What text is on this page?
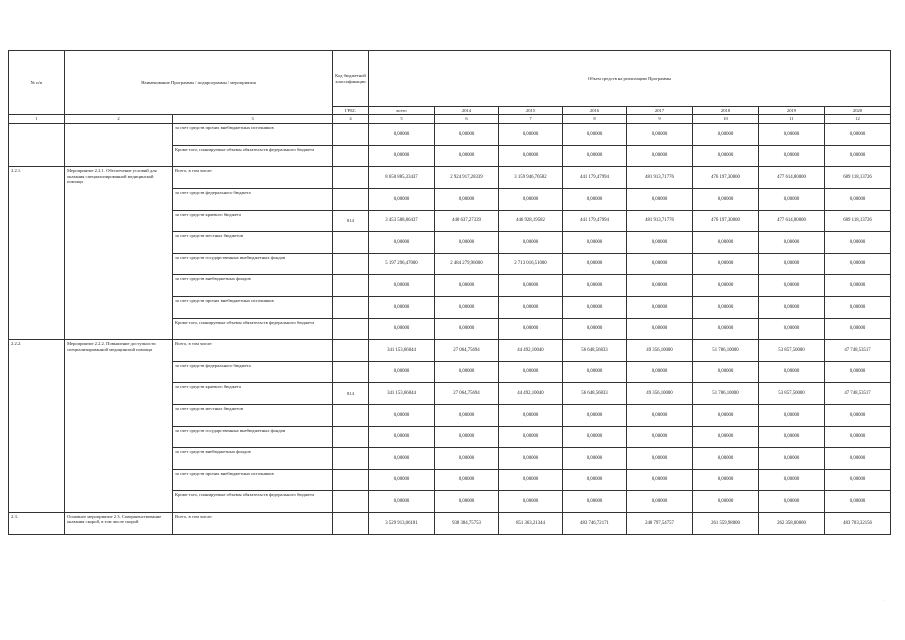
№ п/п	Наименование Программы / подпрограммы / мероприятия		Код бюджетной классификации	Объем средств на реализацию Программы							
			ГРБС	всего	2014	2015	2016	2017	2018	2019	2020
1	2	3	4	5	6	7	8	9	10	11	12
		за счет средств прочих внебюджетных источников		0,00000	0,00000	0,00000	0,00000	0,00000	0,00000	0,00000	0,00000
		Кроме того, планируемые объемы обязательств федерального бюджета		0,00000	0,00000	0,00000	0,00000	0,00000	0,00000	0,00000	0,00000
2.2.1.	Мероприятие 2.2.1. Обеспечение условий для оказания специализированной медицинской помощи	Всего, в том числе:		8 650 885,33437	2 924 917,28339	3 159 946,70582	441 179,47994	481 913,71776	476 197,30000	477 614,80000	689 118,13726
		за счет средств федерального бюджета		0,00000	0,00000	0,00000	0,00000	0,00000	0,00000	0,00000	0,00000
		за счет средств краевого бюджета	814	3 453 588,86437	440 637,27339	446 928,19582	441 179,47994	481 913,71776	476 197,30000	477 614,80000	689 118,13726
		за счет средств местных бюджетов		0,00000	0,00000	0,00000	0,00000	0,00000	0,00000	0,00000	0,00000
		за счет средств государственных внебюджетных фондов		5 197 296,47000	2 484 279,96000	2 713 016,51000	0,00000	0,00000	0,00000	0,00000	0,00000
		за счет средств внебюджетных фондов		0,00000	0,00000	0,00000	0,00000	0,00000	0,00000	0,00000	0,00000
		за счет средств прочих внебюджетных источников		0,00000	0,00000	0,00000	0,00000	0,00000	0,00000	0,00000	0,00000
		Кроме того, планируемые объемы обязательств федерального бюджета		0,00000	0,00000	0,00000	0,00000	0,00000	0,00000	0,00000	0,00000
2.2.2.	Мероприятие 2.2.2. Повышение доступности специализированной медицинской помощи	Всего, в том числе:		341 153,66044	27 064,75694	44 492,10040	56 648,56833	49 356,10000	51 786,10000	53 857,50000	47 748,53517
		за счет средств федерального бюджета		0,00000	0,00000	0,00000	0,00000	0,00000	0,00000	0,00000	0,00000
		за счет средств краевого бюджета	814	341 153,66044	27 064,75694	44 492,10040	56 648,56833	49 356,10000	51 786,10000	53 857,50000	47 748,53517
		за счет средств местных бюджетов		0,00000	0,00000	0,00000	0,00000	0,00000	0,00000	0,00000	0,00000
		за счет средств государственных внебюджетных фондов		0,00000	0,00000	0,00000	0,00000	0,00000	0,00000	0,00000	0,00000
		за счет средств внебюджетных фондов		0,00000	0,00000	0,00000	0,00000	0,00000	0,00000	0,00000	0,00000
		за счет средств прочих внебюджетных источников		0,00000	0,00000	0,00000	0,00000	0,00000	0,00000	0,00000	0,00000
		Кроме того, планируемые объемы обязательств федерального бюджета		0,00000	0,00000	0,00000	0,00000	0,00000	0,00000	0,00000	0,00000
2.3.	Основное мероприятие 2.3. Совершенствование оказания скорой, в том числе скорой	Всего, в том числе:		3 529 913,06181	938 384,75753	851 363,21344	483 746,72171	248 797,54757	261 559,98000	262 358,00000	483 703,32156
.
